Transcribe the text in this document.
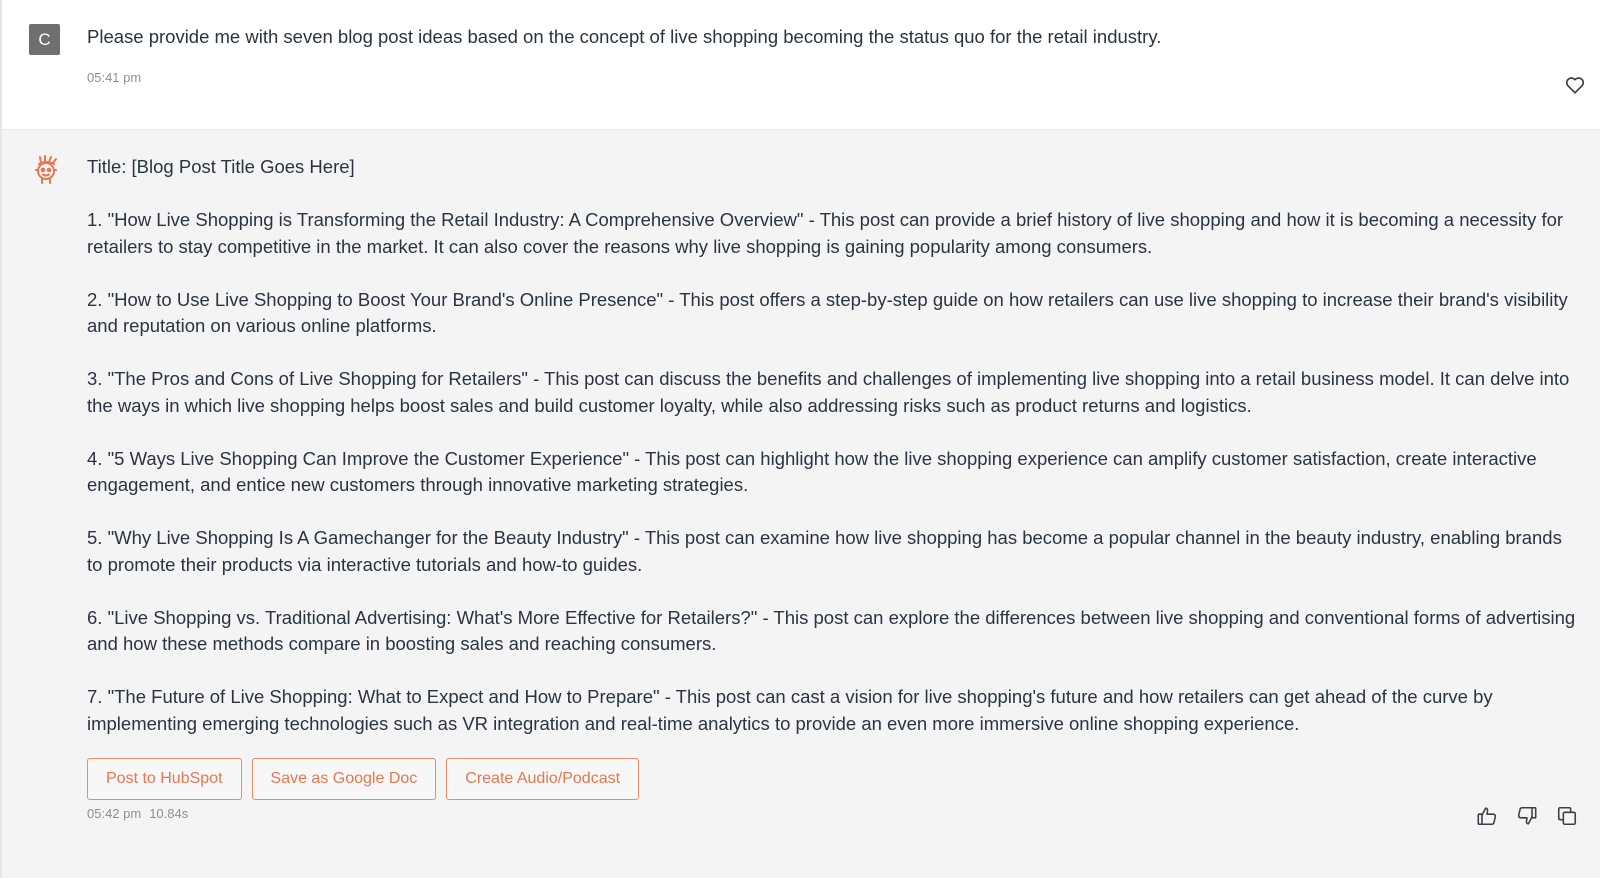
C	Please provide me with seven blog post ideas based on the concept of live shopping becoming the status quo for the retail industry.
05:41 pm

Title: [Blog Post Title Goes Here]

1. "How Live Shopping is Transforming the Retail Industry: A Comprehensive Overview" - This post can provide a brief history of live shopping and how it is becoming a necessity for retailers to stay competitive in the market. It can also cover the reasons why live shopping is gaining popularity among consumers.

2. "How to Use Live Shopping to Boost Your Brand's Online Presence" - This post offers a step-by-step guide on how retailers can use live shopping to increase their brand's visibility and reputation on various online platforms.

3. "The Pros and Cons of Live Shopping for Retailers" - This post can discuss the benefits and challenges of implementing live shopping into a retail business model. It can delve into the ways in which live shopping helps boost sales and build customer loyalty, while also addressing risks such as product returns and logistics.

4. "5 Ways Live Shopping Can Improve the Customer Experience" - This post can highlight how the live shopping experience can amplify customer satisfaction, create interactive engagement, and entice new customers through innovative marketing strategies.

5. "Why Live Shopping Is A Gamechanger for the Beauty Industry" - This post can examine how live shopping has become a popular channel in the beauty industry, enabling brands to promote their products via interactive tutorials and how-to guides.

6. "Live Shopping vs. Traditional Advertising: What's More Effective for Retailers?" - This post can explore the differences between live shopping and conventional forms of advertising and how these methods compare in boosting sales and reaching consumers.

7. "The Future of Live Shopping: What to Expect and How to Prepare" - This post can cast a vision for live shopping's future and how retailers can get ahead of the curve by implementing emerging technologies such as VR integration and real-time analytics to provide an even more immersive online shopping experience.

Post to HubSpot	Save as Google Doc	Create Audio/Podcast
05:42 pm 10.84s
